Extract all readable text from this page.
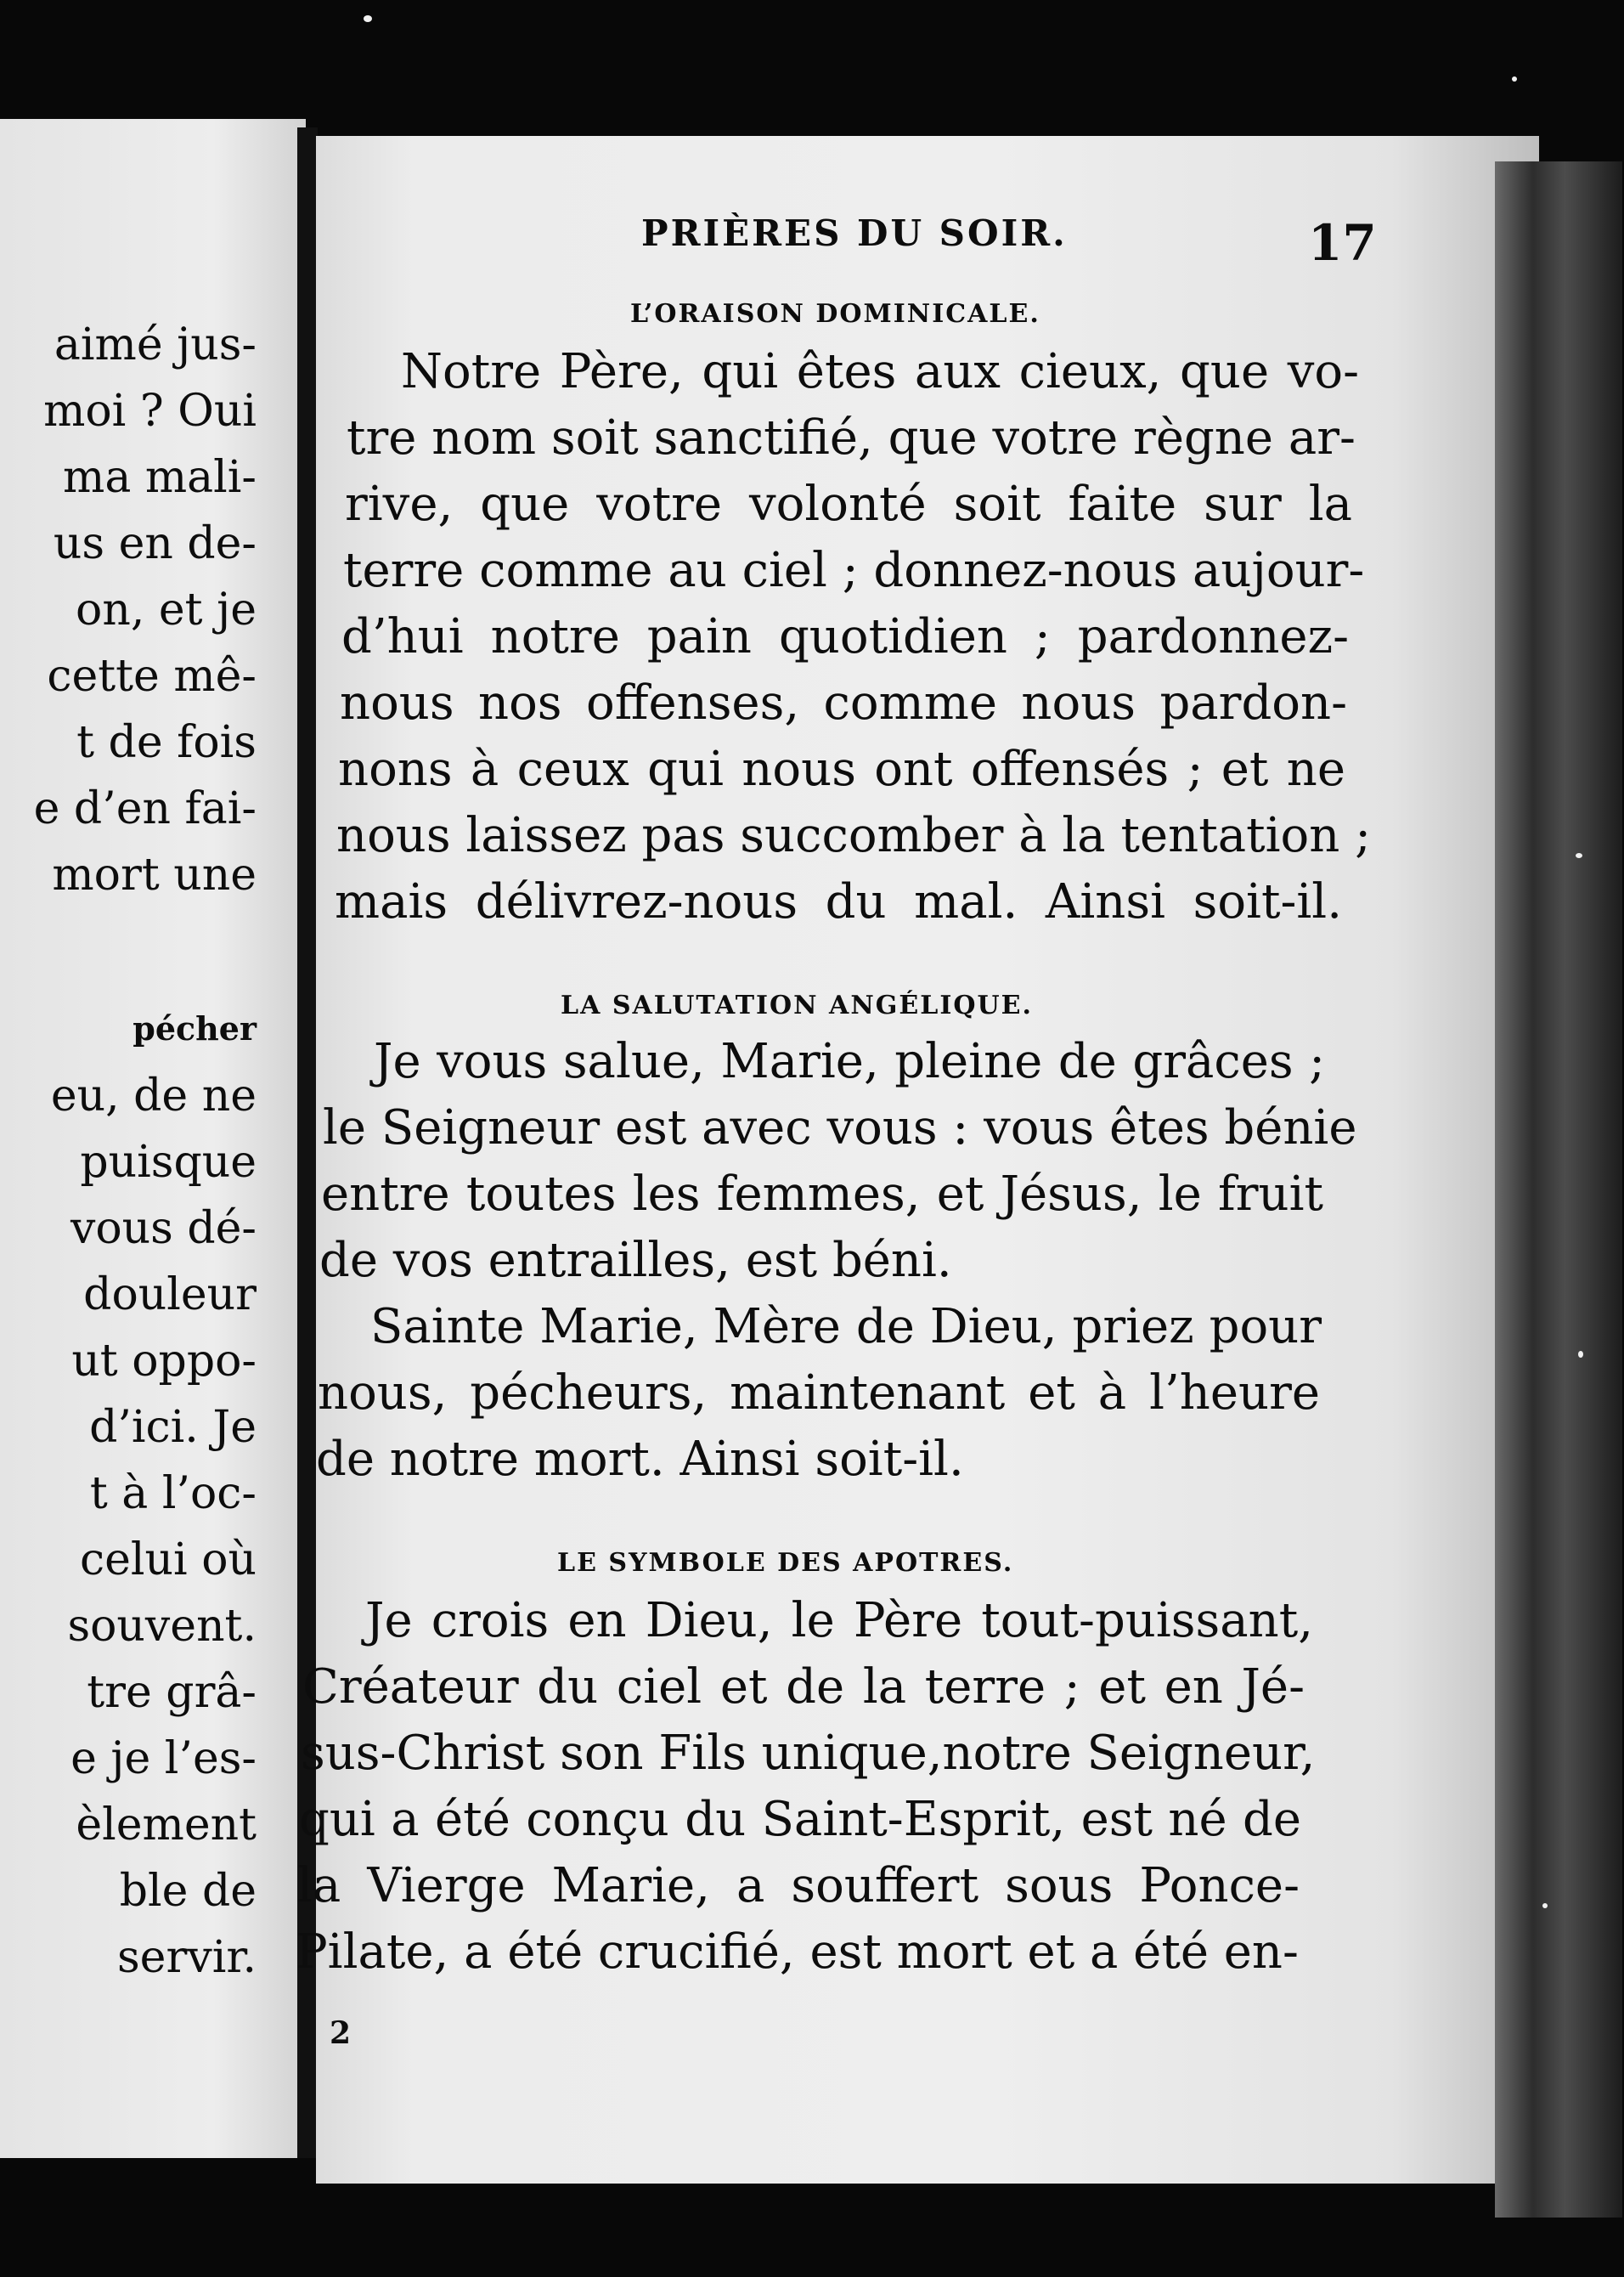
aimé jus-
moi ? Oui
ma mali-
us en de-
on, et je
cette mê-
t de fois
e d’en fai-
mort une
pécher
eu, de ne
puisque
vous dé-
douleur
ut oppo-
d’ici. Je
t à l’oc-
celui où
souvent.
tre grâ-
e je l’es-
èlement
ble de
servir.
PRIÈRES DU SOIR.	17
L’ORAISON DOMINICALE.
Notre Père, qui êtes aux cieux, que vo-
tre nom soit sanctifié, que votre règne ar-
rive, que votre volonté soit faite sur la
terre comme au ciel ; donnez-nous aujour-
d’hui notre pain quotidien ; pardonnez-
nous nos offenses, comme nous pardon-
nons à ceux qui nous ont offensés ; et ne
nous laissez pas succomber à la tentation ;
mais délivrez-nous du mal. Ainsi soit-il.
LA SALUTATION ANGÉLIQUE.
Je vous salue, Marie, pleine de grâces ;
le Seigneur est avec vous : vous êtes bénie
entre toutes les femmes, et Jésus, le fruit
de vos entrailles, est béni.
Sainte Marie, Mère de Dieu, priez pour
nous, pécheurs, maintenant et à l’heure
de notre mort. Ainsi soit-il.
LE SYMBOLE DES APOTRES.
Je crois en Dieu, le Père tout-puissant,
Créateur du ciel et de la terre ; et en Jé-
sus-Christ son Fils unique,notre Seigneur,
qui a été conçu du Saint-Esprit, est né de
la Vierge Marie, a souffert sous Ponce-
Pilate, a été crucifié, est mort et a été en-
2
